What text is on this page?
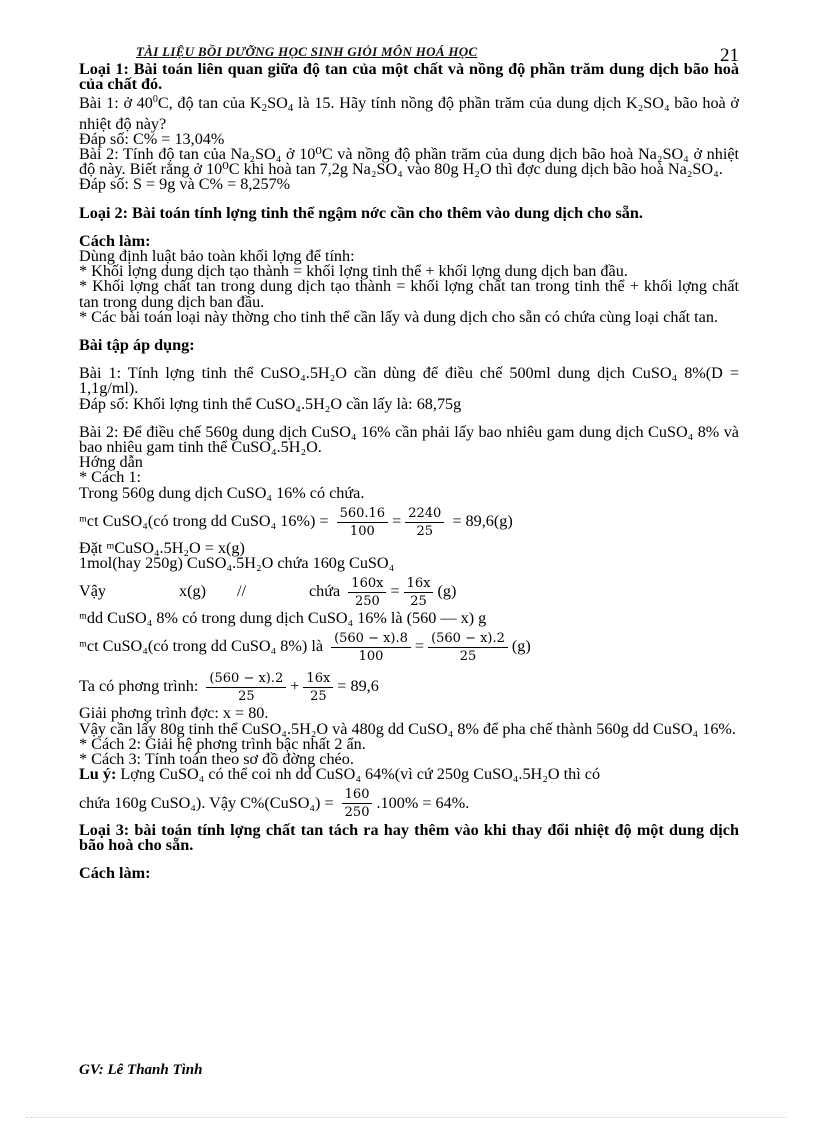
TÀI LIỆU BỒI DƯỠNG HỌC SINH GIỎI MÔN HOÁ HỌC	21

Loại 1: Bài toán liên quan giữa độ tan của một chất và nồng độ phần trăm dung dịch bão hoà của chất đó.

Bài 1: ở $40^0C$, độ tan của $K_2SO_4$ là 15. Hãy tính nồng độ phần trăm của dung dịch K₂SO₄ bão hoà ở nhiệt độ này?

Đáp số: C% = 13,04%

Bài 2: Tính độ tan của Na₂SO₄ ở 10⁰C và nồng độ phần trăm của dung dịch bão hoà Na₂SO₄ ở nhiệt độ này. Biết rằng ở 10⁰C khi hoà tan 7,2g Na₂SO₄ vào 80g H₂O thì đợc dung dịch bão hoà Na₂SO₄.

Đáp số: S = 9g và C% = 8,257%

Loại 2: Bài toán tính lợng tinh thể ngậm nớc cần cho thêm vào dung dịch cho sẵn.

Cách làm:

Dùng định luật bảo toàn khối lợng để tính:

* Khối lợng dung dịch tạo thành = khối lợng tinh thể + khối lợng dung dịch ban đầu.

* Khối lợng chất tan trong dung dịch tạo thành = khối lợng chất tan trong tinh thể + khối lợng chất tan trong dung dịch ban đầu.

* Các bài toán loại này thờng cho tinh thể cần lấy và dung dịch cho sẵn có chứa cùng loại chất tan.

Bài tập áp dụng:

Bài 1: Tính lợng tinh thể CuSO₄.5H₂O cần dùng để điều chế 500ml dung dịch CuSO₄ 8%(D = 1,1g/ml).

Đáp số: Khối lợng tinh thể CuSO₄.5H₂O cần lấy là: 68,75g

Bài 2: Để điều chế 560g dung dịch CuSO₄ 16% cần phải lấy bao nhiêu gam dung dịch CuSO₄ 8% và bao nhiêu gam tinh thể CuSO₄.5H₂O.

Hớng dẫn

* Cách 1:

Trong 560g dung dịch CuSO₄ 16% có chứa.

ᵐct CuSO₄(có trong dd CuSO₄ $16\%) = \frac{560.16}{100} = \frac{2240}{25} = 89,6(g)$

Đặt ᵐCuSO₄.5H₂O = x(g)

1mol(hay 250g) CuSO₄.5H₂O chứa 160g CuSO₄

Vậy	x(g) //	chứa $\frac{160x}{250} = \frac{16x}{25} (g)$

ᵐdd CuSO₄ 8% có trong dung dịch CuSO₄ 16% là (560 — x) g

ᵐct CuSO₄(có trong dd CuSO₄ 8%) là $\frac{(560 - x).8}{100} = \frac{(560 - x).2}{25} (g)$

Ta có phơng trình: $\frac{(560 - x).2}{25} + \frac{16x}{25} = 89,6$

Giải phơng trình đợc: x = 80.

Vậy cần lấy 80g tinh thể CuSO₄.5H₂O và 480g dd CuSO₄ 8% để pha chế thành 560g dd CuSO₄ 16%.

* Cách 2: Giải hệ phơng trình bậc nhất 2 ẩn.

* Cách 3: Tính toán theo sơ đồ đờng chéo.

Lu ý: Lợng CuSO₄ có thể coi nh dd CuSO₄ 64%(vì cứ 250g CuSO₄.5H₂O thì có

chứa 160g CuSO₄). Vậy C%(CuSO₄) = $\frac{160}{250} .100\% = 64\%$.

Loại 3: bài toán tính lợng chất tan tách ra hay thêm vào khi thay đổi nhiệt độ một dung dịch bão hoà cho sẵn.

Cách làm:

GV: Lê Thanh Tình
